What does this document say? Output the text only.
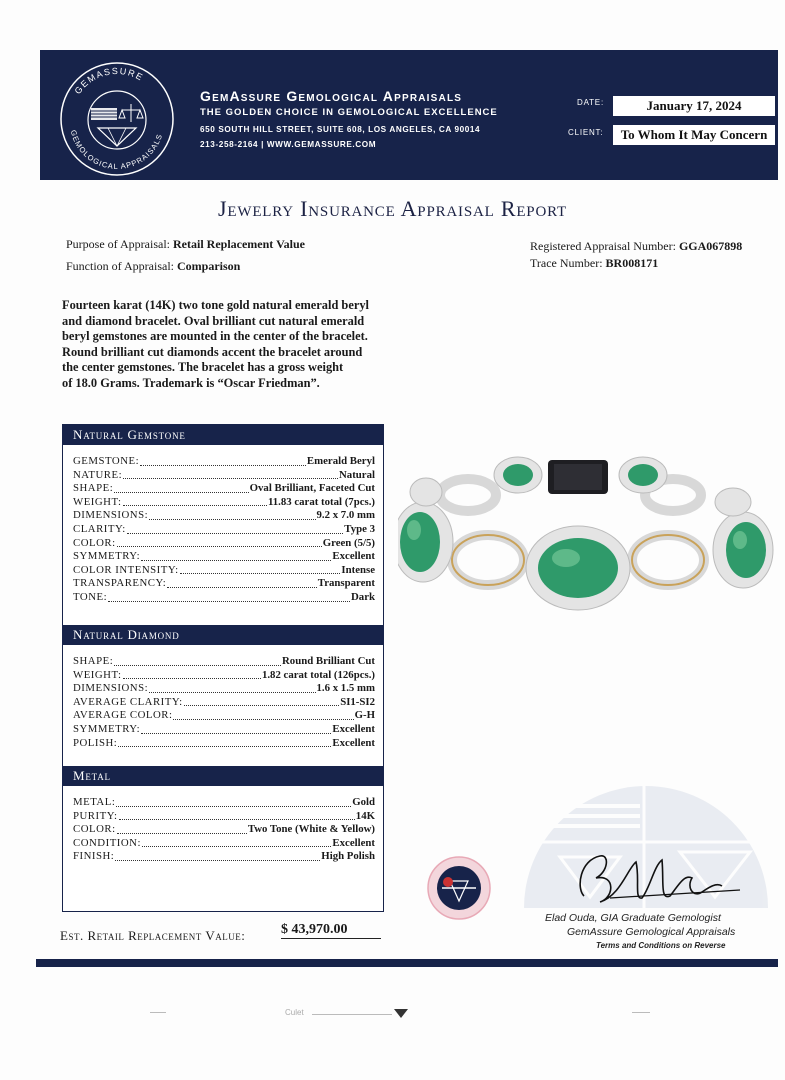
GEMASSURE
GEMOLOGICAL APPRAISALS
GemAssure Gemological Appraisals
THE GOLDEN CHOICE IN GEMOLOGICAL EXCELLENCE
650 SOUTH HILL STREET, SUITE 608, LOS ANGELES, CA 90014
213-258-2164 | WWW.GEMASSURE.COM
DATE:	January 17, 2024
CLIENT:	To Whom It May Concern
Jewelry Insurance Appraisal Report
Purpose of Appraisal: Retail Replacement Value
Function of Appraisal: Comparison
Registered Appraisal Number: GGA067898
Trace Number: BR008171
Fourteen karat (14K) two tone gold natural emerald beryl
and diamond bracelet. Oval brilliant cut natural emerald
beryl gemstones are mounted in the center of the bracelet.
Round brilliant cut diamonds accent the bracelet around
the center gemstones. The bracelet has a gross weight
of 18.0 Grams. Trademark is “Oscar Friedman”.
Natural Gemstone
GEMSTONE:	Emerald Beryl
NATURE:	Natural
SHAPE:	Oval Brilliant, Faceted Cut
WEIGHT:	11.83 carat total (7pcs.)
DIMENSIONS:	9.2 x 7.0 mm
CLARITY:	Type 3
COLOR:	Green (5/5)
SYMMETRY:	Excellent
COLOR INTENSITY:	Intense
TRANSPARENCY:	Transparent
TONE:	Dark
Natural Diamond
SHAPE:	Round Brilliant Cut
WEIGHT:	1.82 carat total (126pcs.)
DIMENSIONS:	1.6 x 1.5 mm
AVERAGE CLARITY:	SI1-SI2
AVERAGE COLOR:	G-H
SYMMETRY:	Excellent
POLISH:	Excellent
Metal
METAL:	Gold
PURITY:	14K
COLOR:	Two Tone (White & Yellow)
CONDITION:	Excellent
FINISH:	High Polish
Elad Ouda, GIA Graduate Gemologist
GemAssure Gemological Appraisals
Terms and Conditions on Reverse
Est. Retail Replacement Value:	$ 43,970.00
Culet
